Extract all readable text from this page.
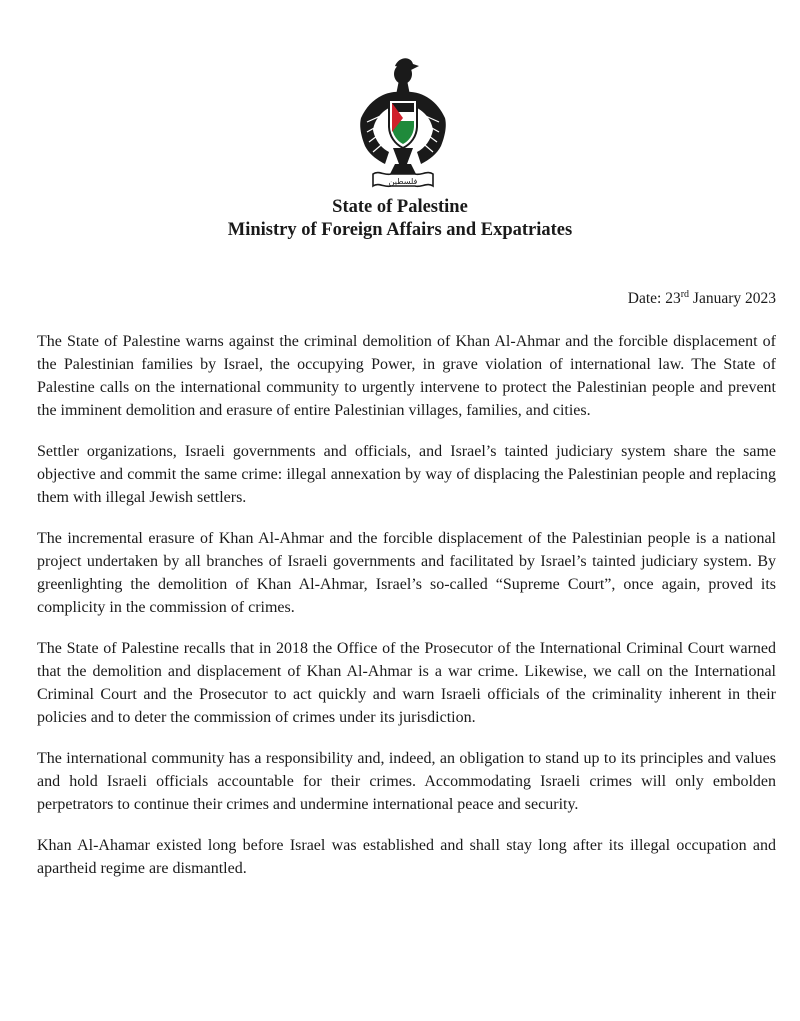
فلسطين
State of Palestine
Ministry of Foreign Affairs and Expatriates
Date: 23rd January 2023

The State of Palestine warns against the criminal demolition of Khan Al-Ahmar and the forcible displacement of the Palestinian families by Israel, the occupying Power, in grave violation of international law. The State of Palestine calls on the international community to urgently intervene to protect the Palestinian people and prevent the imminent demolition and erasure of entire Palestinian villages, families, and cities.

Settler organizations, Israeli governments and officials, and Israel’s tainted judiciary system share the same objective and commit the same crime: illegal annexation by way of displacing the Palestinian people and replacing them with illegal Jewish settlers.

The incremental erasure of Khan Al-Ahmar and the forcible displacement of the Palestinian people is a national project undertaken by all branches of Israeli governments and facilitated by Israel’s tainted judiciary system. By greenlighting the demolition of Khan Al-Ahmar, Israel’s so-called “Supreme Court”, once again, proved its complicity in the commission of crimes.

The State of Palestine recalls that in 2018 the Office of the Prosecutor of the International Criminal Court warned that the demolition and displacement of Khan Al-Ahmar is a war crime. Likewise, we call on the International Criminal Court and the Prosecutor to act quickly and warn Israeli officials of the criminality inherent in their policies and to deter the commission of crimes under its jurisdiction.

The international community has a responsibility and, indeed, an obligation to stand up to its principles and values and hold Israeli officials accountable for their crimes. Accommodating Israeli crimes will only embolden perpetrators to continue their crimes and undermine international peace and security.

Khan Al-Ahamar existed long before Israel was established and shall stay long after its illegal occupation and apartheid regime are dismantled.
